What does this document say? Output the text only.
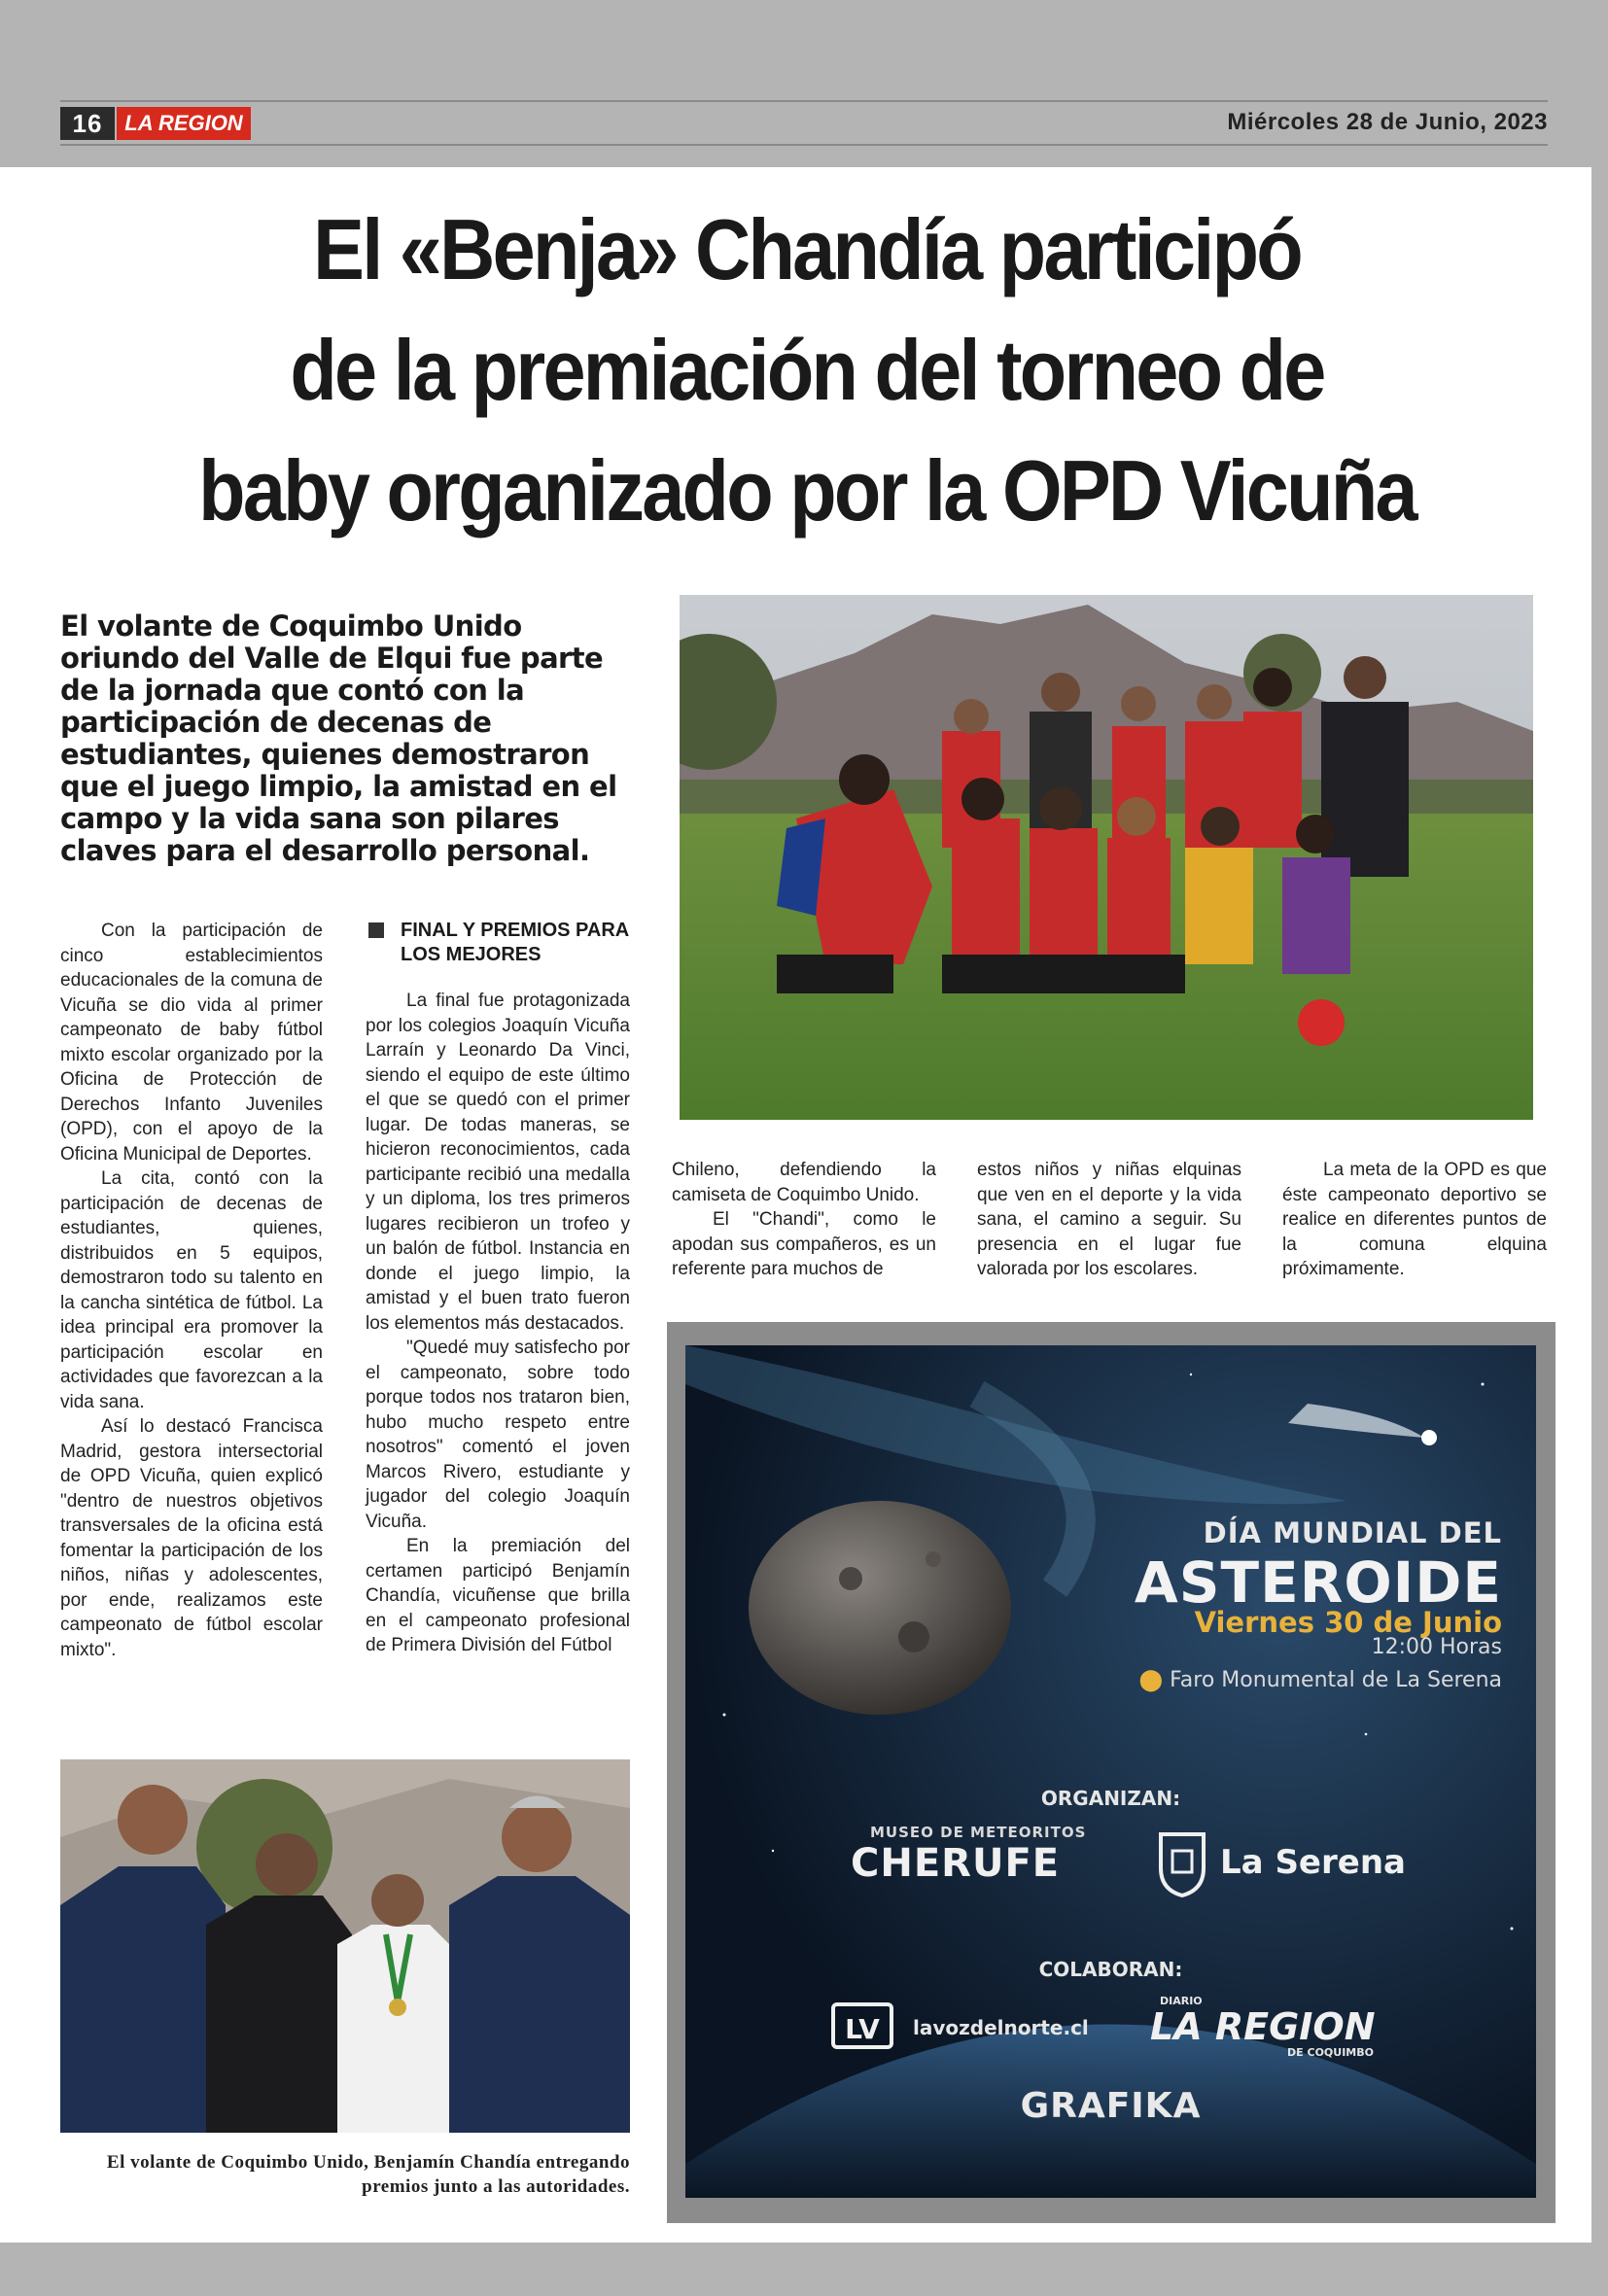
16	LA REGION	Miércoles 28 de Junio, 2023
El «Benja» Chandía participó
de la premiación del torneo de
baby organizado por la OPD Vicuña
El volante de Coquimbo Unido oriundo del Valle de Elqui fue parte de la jornada que contó con la participación de decenas de estudiantes, quienes demostraron que el juego limpio, la amistad en el campo y la vida sana son pilares claves para el desarrollo personal.

Con la participación de cinco establecimientos educacionales de la comuna de Vicuña se dio vida al primer campeonato de baby fútbol mixto escolar organizado por la Oficina de Protección de Derechos Infanto Juveniles (OPD), con el apoyo de la Oficina Municipal de Deportes.

La cita, contó con la participación de decenas de estudiantes, quienes, distribuidos en 5 equipos, demostraron todo su talento en la cancha sintética de fútbol. La idea principal era promover la participación escolar en actividades que favorezcan a la vida sana.

Así lo destacó Francisca Madrid, gestora intersectorial de OPD Vicuña, quien explicó "dentro de nuestros objetivos transversales de la oficina está fomentar la participación de los niños, niñas y adolescentes, por ende, realizamos este campeonato de fútbol escolar mixto".

FINAL Y PREMIOS PARA LOS MEJORES

La final fue protagonizada por los colegios Joaquín Vicuña Larraín y Leonardo Da Vinci, siendo el equipo de este último el que se quedó con el primer lugar. De todas maneras, se hicieron reconocimientos, cada participante recibió una medalla y un diploma, los tres primeros lugares recibieron un trofeo y un balón de fútbol. Instancia en donde el juego limpio, la amistad y el buen trato fueron los elementos más destacados.

"Quedé muy satisfecho por el campeonato, sobre todo porque todos nos trataron bien, hubo mucho respeto entre nosotros" comentó el joven Marcos Rivero, estudiante y jugador del colegio Joaquín Vicuña.

En la premiación del certamen participó Benjamín Chandía, vicuñense que brilla en el campeonato profesional de Primera División del Fútbol

Chileno, defendiendo la camiseta de Coquimbo Unido.

El "Chandi", como le apodan sus compañeros, es un referente para muchos de

estos niños y niñas elquinas que ven en el deporte y la vida sana, el camino a seguir. Su presencia en el lugar fue valorada por los escolares.

La meta de la OPD es que éste campeonato deportivo se realice en diferentes puntos de la comuna elquina próximamente.

El volante de Coquimbo Unido, Benjamín Chandía entregando premios junto a las autoridades.
DÍA MUNDIAL DEL
ASTEROIDE
Viernes 30 de Junio
12:00 Horas
⬤ Faro Monumental de La Serena
ORGANIZAN:
MUSEO DE METEORITOS
CHERUFE	La Serena
COLABORAN:
LV	lavozdelnorte.cl
DIARIO
LA REGION
DE COQUIMBO
GRAFIKA
